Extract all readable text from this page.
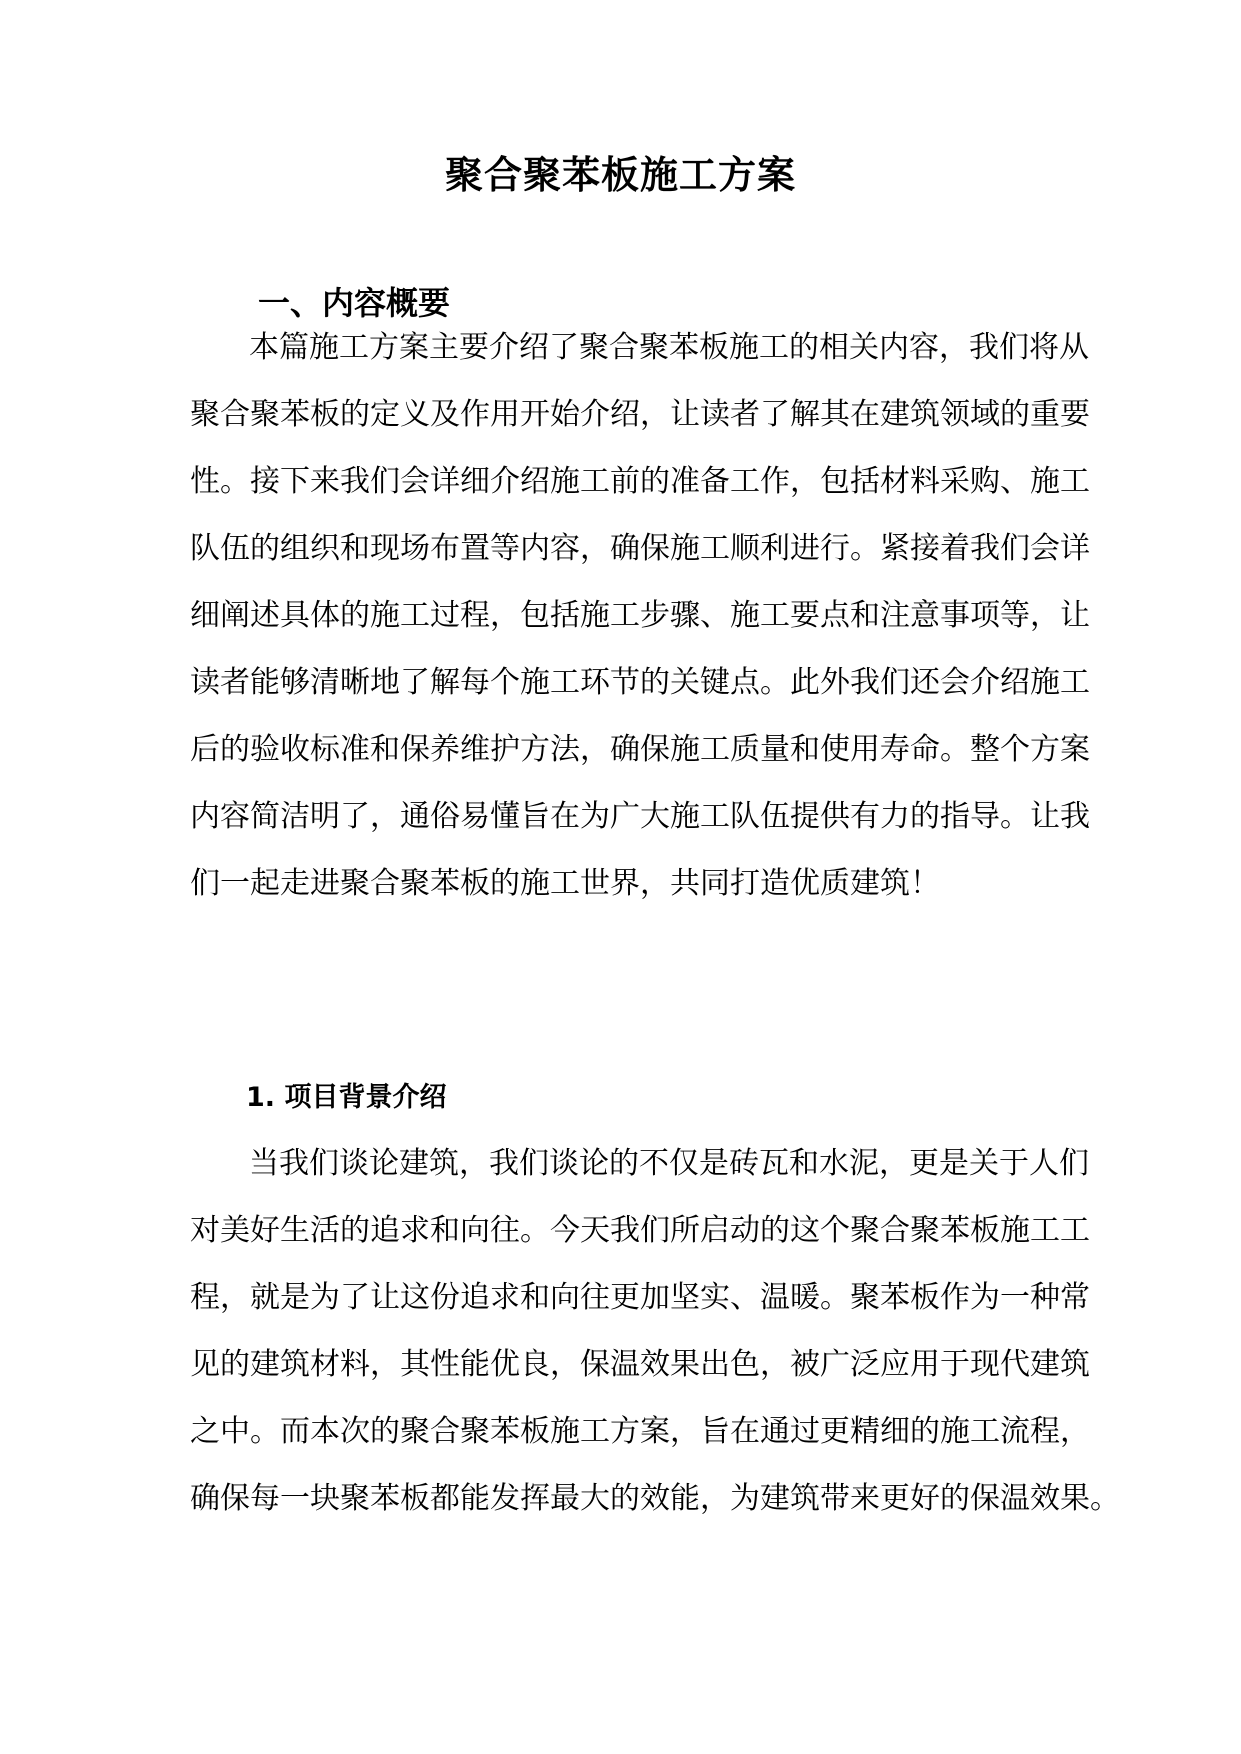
聚合聚苯板施工方案
一、内容概要
本篇施工方案主要介绍了聚合聚苯板施工的相关内容，我们将从
聚合聚苯板的定义及作用开始介绍，让读者了解其在建筑领域的重要
性。接下来我们会详细介绍施工前的准备工作，包括材料采购、施工
队伍的组织和现场布置等内容，确保施工顺利进行。紧接着我们会详
细阐述具体的施工过程，包括施工步骤、施工要点和注意事项等，让
读者能够清晰地了解每个施工环节的关键点。此外我们还会介绍施工
后的验收标准和保养维护方法，确保施工质量和使用寿命。整个方案
内容简洁明了，通俗易懂旨在为广大施工队伍提供有力的指导。让我
们一起走进聚合聚苯板的施工世界，共同打造优质建筑！
1. 项目背景介绍
当我们谈论建筑，我们谈论的不仅是砖瓦和水泥，更是关于人们
对美好生活的追求和向往。今天我们所启动的这个聚合聚苯板施工工
程，就是为了让这份追求和向往更加坚实、温暖。聚苯板作为一种常
见的建筑材料，其性能优良，保温效果出色，被广泛应用于现代建筑
之中。而本次的聚合聚苯板施工方案，旨在通过更精细的施工流程，
确保每一块聚苯板都能发挥最大的效能，为建筑带来更好的保温效果。
